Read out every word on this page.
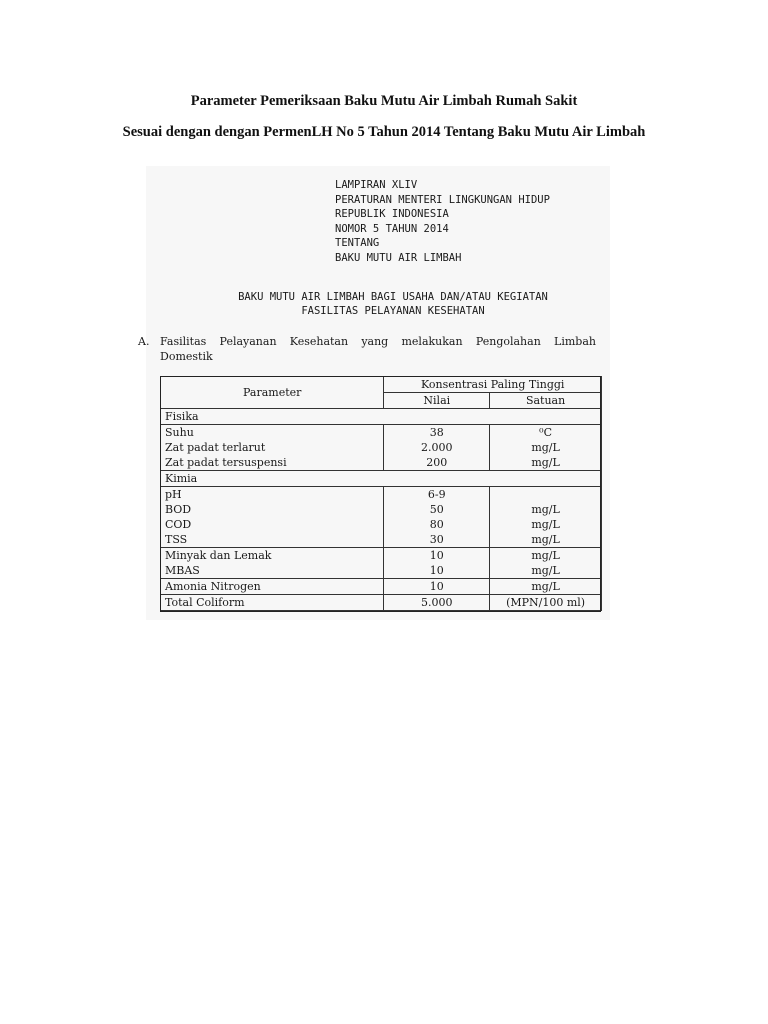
Parameter Pemeriksaan Baku Mutu Air Limbah Rumah Sakit
Sesuai dengan dengan PermenLH No 5 Tahun 2014 Tentang Baku Mutu Air Limbah
LAMPIRAN XLIV
PERATURAN MENTERI LINGKUNGAN HIDUP
REPUBLIK INDONESIA
NOMOR 5 TAHUN 2014
TENTANG
BAKU MUTU AIR LIMBAH
BAKU MUTU AIR LIMBAH BAGI USAHA DAN/ATAU KEGIATAN
FASILITAS PELAYANAN KESEHATAN
A. Fasilitas Pelayanan Kesehatan yang melakukan Pengolahan Limbah
Domestik
Parameter	Konsentrasi Paling Tinggi	
	Nilai	Satuan
Fisika		
Suhu	38	⁰C
Zat padat terlarut	2.000	mg/L
Zat padat tersuspensi	200	mg/L
Kimia		
pH	6-9	
BOD	50	mg/L
COD	80	mg/L
TSS	30	mg/L
Minyak dan Lemak	10	mg/L
MBAS	10	mg/L
Amonia Nitrogen	10	mg/L
Total Coliform	5.000	(MPN/100 ml)
